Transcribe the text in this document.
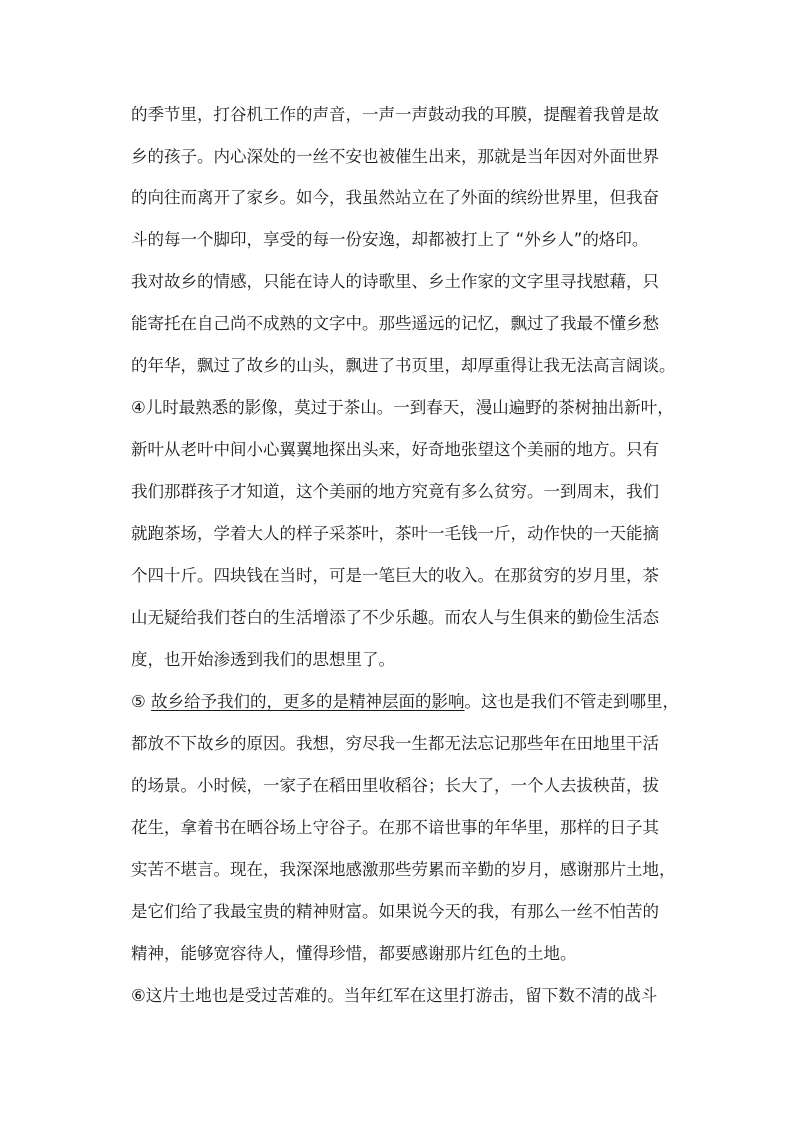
的季节里，打谷机工作的声音，一声一声鼓动我的耳膜，提醒着我曾是故
乡的孩子。内心深处的一丝不安也被催生出来，那就是当年因对外面世界
的向往而离开了家乡。如今，我虽然站立在了外面的缤纷世界里，但我奋
斗的每一个脚印，享受的每一份安逸，却都被打上了 “外乡人”的烙印。
我对故乡的情感，只能在诗人的诗歌里、乡土作家的文字里寻找慰藉，只
能寄托在自己尚不成熟的文字中。那些遥远的记忆，飘过了我最不懂乡愁
的年华，飘过了故乡的山头，飘进了书页里，却厚重得让我无法高言阔谈。
④儿时最熟悉的影像，莫过于茶山。一到春天，漫山遍野的茶树抽出新叶，
新叶从老叶中间小心翼翼地探出头来，好奇地张望这个美丽的地方。只有
我们那群孩子才知道，这个美丽的地方究竟有多么贫穷。一到周末，我们
就跑茶场，学着大人的样子采茶叶，茶叶一毛钱一斤，动作快的一天能摘
个四十斤。四块钱在当时，可是一笔巨大的收入。在那贫穷的岁月里，茶
山无疑给我们苍白的生活增添了不少乐趣。而农人与生俱来的勤俭生活态
度，也开始渗透到我们的思想里了。
⑤ 故乡给予我们的，更多的是精神层面的影响。这也是我们不管走到哪里，
都放不下故乡的原因。我想，穷尽我一生都无法忘记那些年在田地里干活
的场景。小时候，一家子在稻田里收稻谷；长大了，一个人去拔秧苗，拔
花生，拿着书在晒谷场上守谷子。在那不谙世事的年华里，那样的日子其
实苦不堪言。现在，我深深地感激那些劳累而辛勤的岁月，感谢那片土地，
是它们给了我最宝贵的精神财富。如果说今天的我，有那么一丝不怕苦的
精神，能够宽容待人，懂得珍惜，都要感谢那片红色的土地。
⑥这片土地也是受过苦难的。当年红军在这里打游击，留下数不清的战斗
